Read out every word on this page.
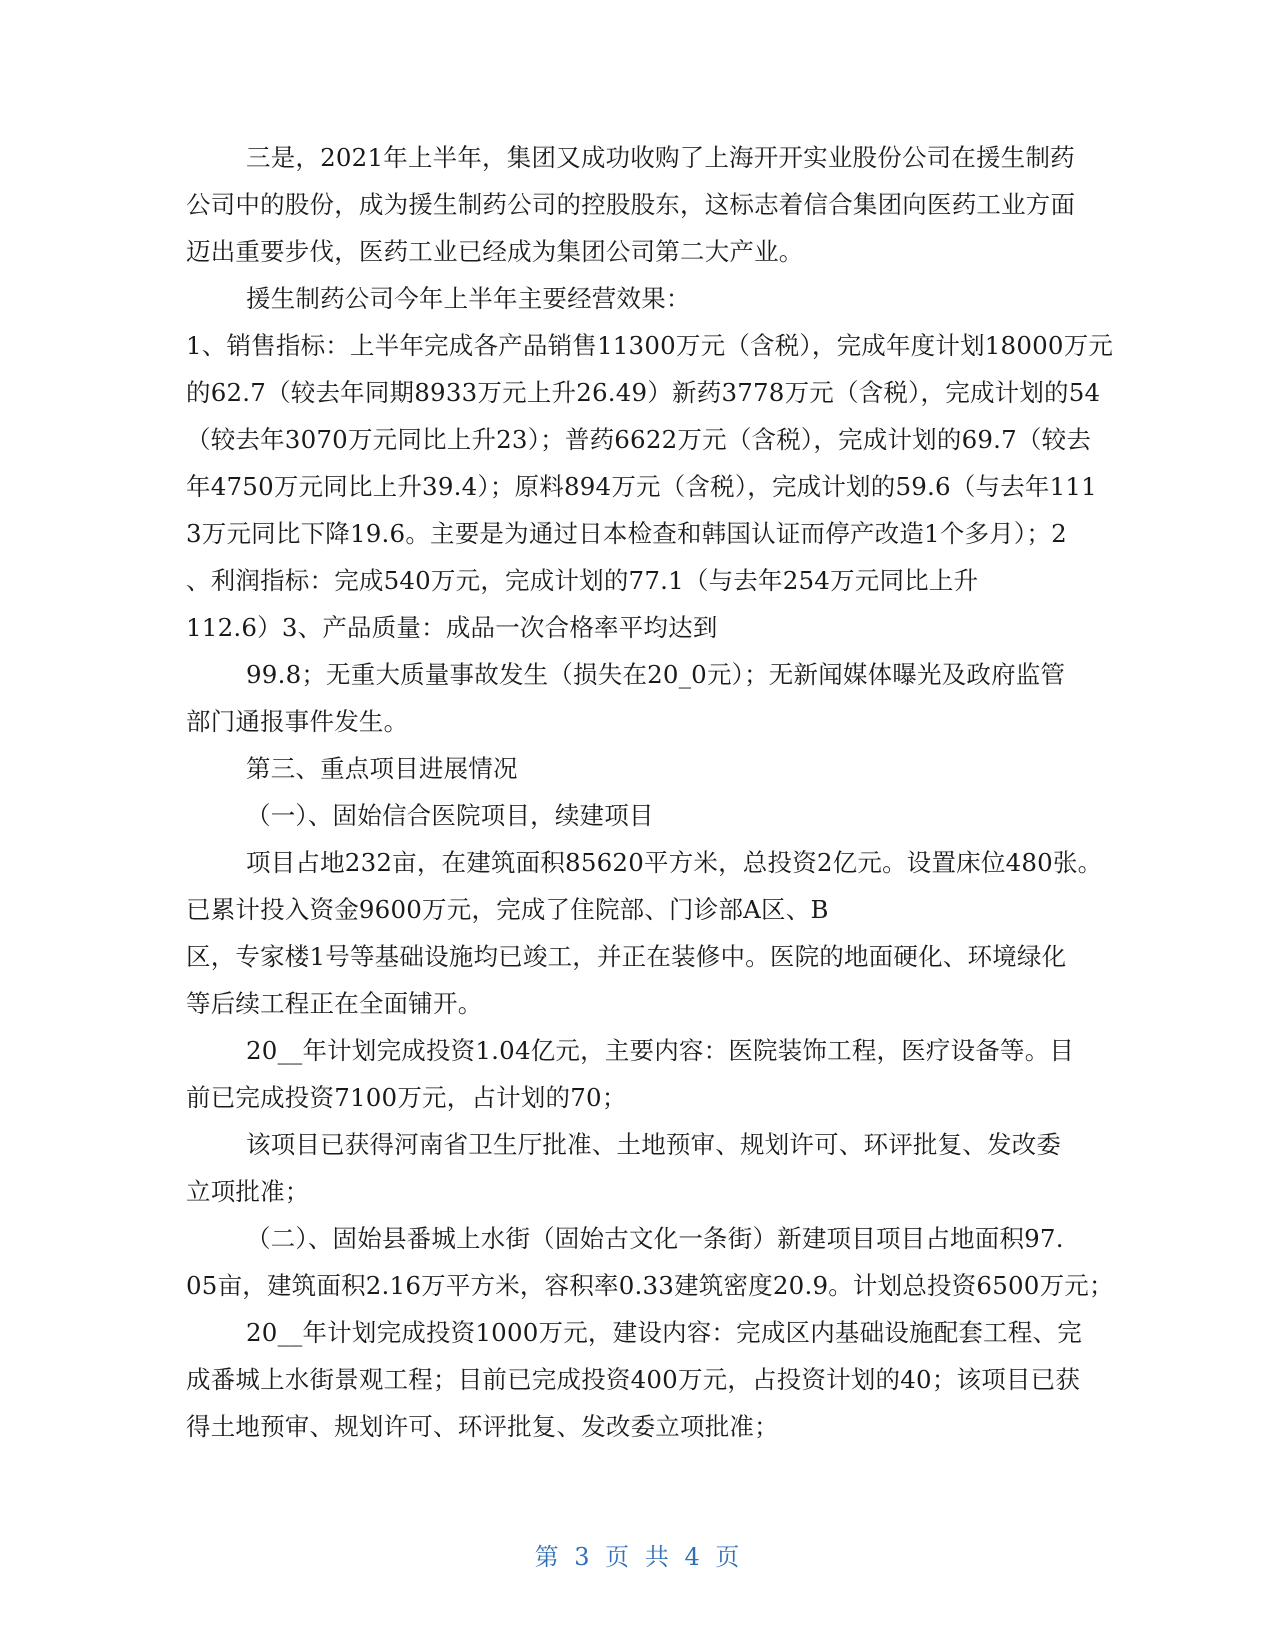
三是，2021年上半年，集团又成功收购了上海开开实业股份公司在援生制药
公司中的股份，成为援生制药公司的控股股东，这标志着信合集团向医药工业方面
迈出重要步伐，医药工业已经成为集团公司第二大产业。
援生制药公司今年上半年主要经营效果：
1、销售指标：上半年完成各产品销售11300万元（含税），完成年度计划18000万元
的62.7（较去年同期8933万元上升26.49）新药3778万元（含税），完成计划的54
（较去年3070万元同比上升23）；普药6622万元（含税），完成计划的69.7（较去
年4750万元同比上升39.4）；原料894万元（含税），完成计划的59.6（与去年111
3万元同比下降19.6。主要是为通过日本检查和韩国认证而停产改造1个多月）；2
、利润指标：完成540万元，完成计划的77.1（与去年254万元同比上升
112.6）3、产品质量：成品一次合格率平均达到
99.8；无重大质量事故发生（损失在20_0元）；无新闻媒体曝光及政府监管
部门通报事件发生。
第三、重点项目进展情况
（一）、固始信合医院项目，续建项目
项目占地232亩，在建筑面积85620平方米，总投资2亿元。设置床位480张。
已累计投入资金9600万元，完成了住院部、门诊部A区、B
区，专家楼1号等基础设施均已竣工，并正在装修中。医院的地面硬化、环境绿化
等后续工程正在全面铺开。
20__年计划完成投资1.04亿元，主要内容：医院装饰工程，医疗设备等。目
前已完成投资7100万元，占计划的70；
该项目已获得河南省卫生厅批准、土地预审、规划许可、环评批复、发改委
立项批准；
（二）、固始县番城上水街（固始古文化一条街）新建项目项目占地面积97.
05亩，建筑面积2.16万平方米，容积率0.33建筑密度20.9。计划总投资6500万元；
20__年计划完成投资1000万元，建设内容：完成区内基础设施配套工程、完
成番城上水街景观工程；目前已完成投资400万元，占投资计划的40；该项目已获
得土地预审、规划许可、环评批复、发改委立项批准；
第 3 页 共 4 页
